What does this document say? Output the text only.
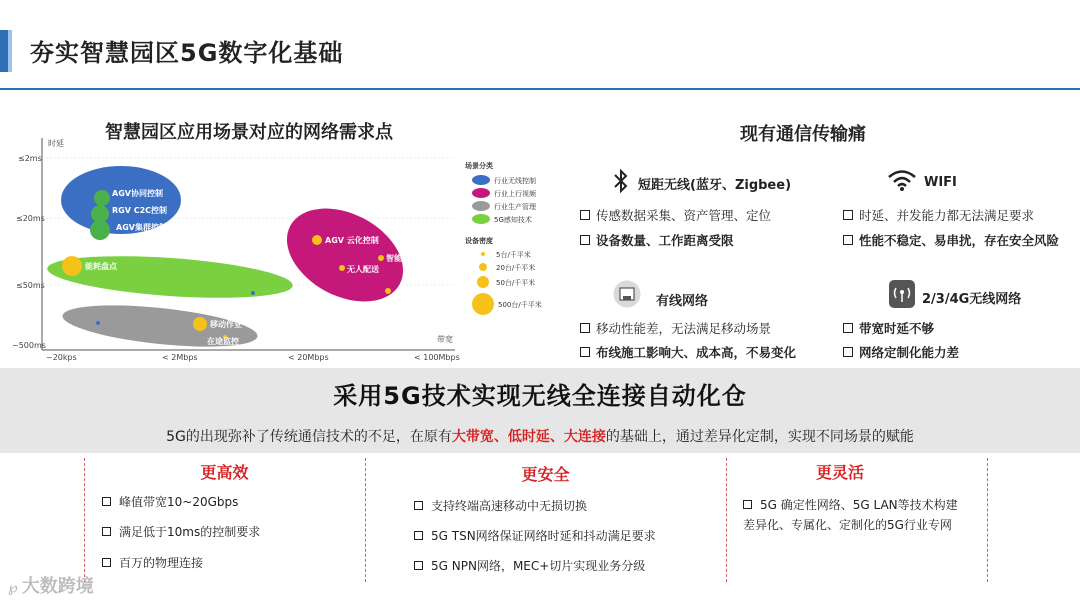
夯实智慧园区5G数字化基础
时延
≤2ms
≤20ms
≤50ms
~500ms
带宽
~20kps	< 2Mbps	< 20Mbps	< 100Mbps
AGV协同控制
RGV C2C控制
AGV集群控制
AGV 云化控制
无人配送
智能拣选
机器视觉
能耗盘点
移动作业
在途监控
场景分类
行业无线控制
行业上行视频
行业生产管理
5G感知技术
设备密度
5台/千平米
20台/千平米
50台/千平米
500台/千平米
智慧园区应用场景对应的网络需求点	现有通信传输痛
短距无线(蓝牙、Zigbee)
传感数据采集、资产管理、定位
设备数量、工作距离受限
WIFI
时延、并发能力都无法满足要求
性能不稳定、易串扰，存在安全风险
有线网络
移动性能差，无法满足移动场景
布线施工影响大、成本高，不易变化
2/3/4G无线网络
带宽时延不够
网络定制化能力差
采用5G技术实现无线全连接自动化仓
5G的出现弥补了传统通信技术的不足，在原有大带宽、低时延、大连接的基础上，通过差异化定制，实现不同场景的赋能
更高效
峰值带宽10~20Gbps
满足低于10ms的控制要求
百万的物理连接
更安全
支持终端高速移动中无损切换
5G TSN网络保证网络时延和抖动满足要求
5G NPN网络，MEC+切片实现业务分级
更灵活
5G 确定性网络、5G LAN等技术构建差异化、专属化、定制化的5G行业专网
℘ 大数跨境
